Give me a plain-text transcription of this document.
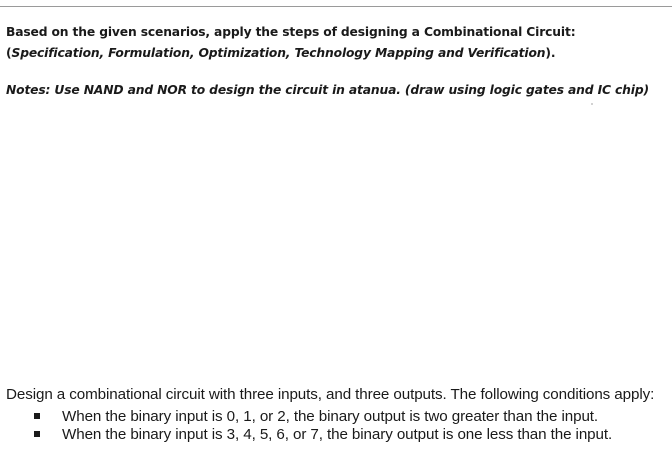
Based on the given scenarios, apply the steps of designing a Combinational Circuit: (Specification, Formulation, Optimization, Technology Mapping and Verification).
Notes: Use NAND and NOR to design the circuit in atanua. (draw using logic gates and IC chip)
Design a combinational circuit with three inputs, and three outputs. The following conditions apply:
When the binary input is 0, 1, or 2, the binary output is two greater than the input.
When the binary input is 3, 4, 5, 6, or 7, the binary output is one less than the input.
